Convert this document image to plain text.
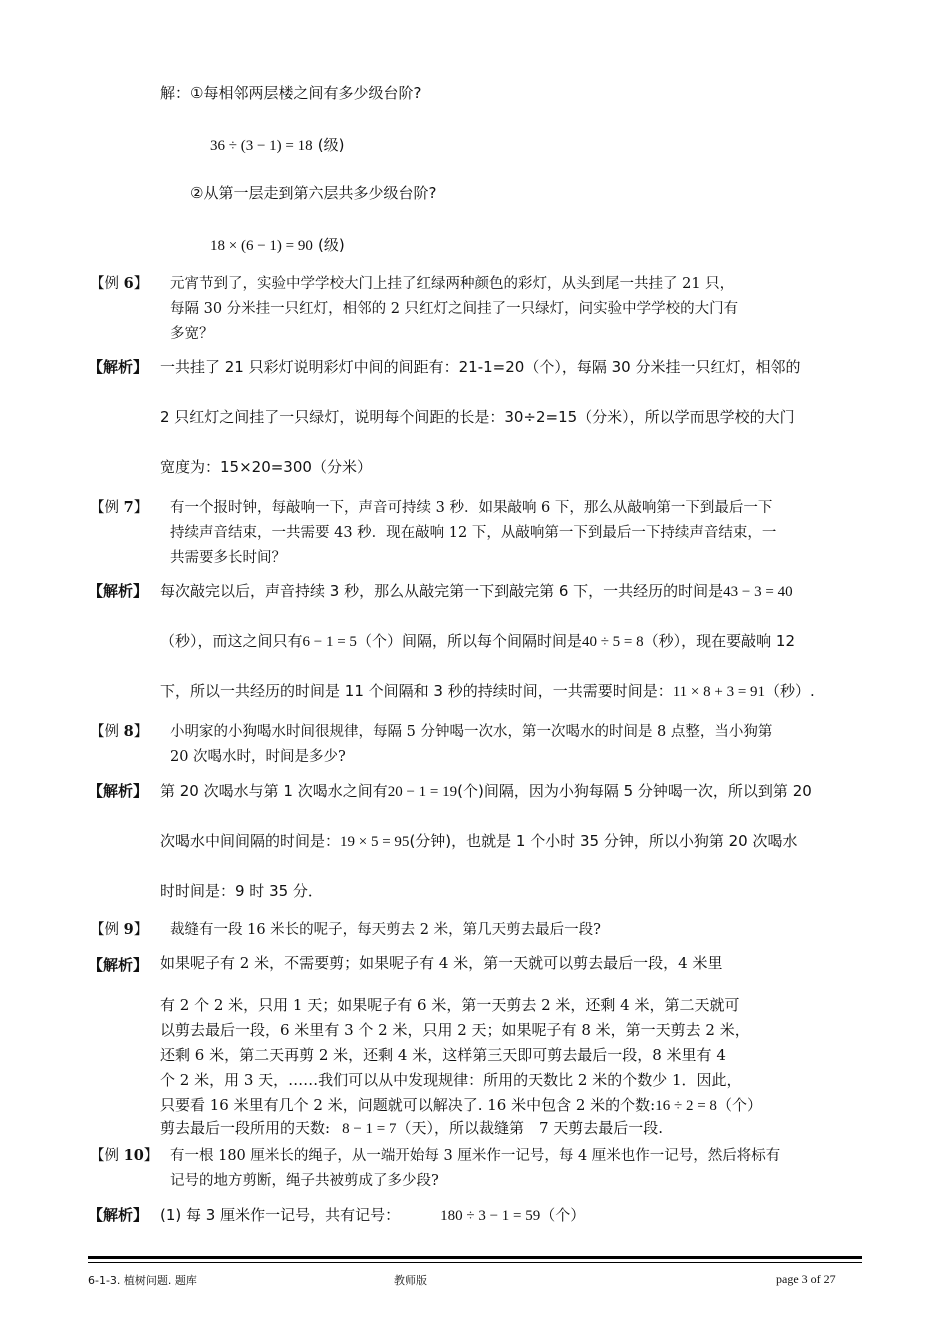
解：①每相邻两层楼之间有多少级台阶?
36 ÷ (3 − 1) = 18 (级)
②从第一层走到第六层共多少级台阶?
18 × (6 − 1) = 90 (级)
【例 6】 元宵节到了，实验中学学校大门上挂了红绿两种颜色的彩灯，从头到尾一共挂了 21 只，
每隔 30 分米挂一只红灯，相邻的 2 只红灯之间挂了一只绿灯，问实验中学学校的大门有
多宽？
【解析】 一共挂了 21 只彩灯说明彩灯中间的间距有：21-1=20（个），每隔 30 分米挂一只红灯，相邻的
2 只红灯之间挂了一只绿灯，说明每个间距的长是：30÷2=15（分米），所以学而思学校的大门
宽度为：15×20=300（分米）
【例 7】 有一个报时钟，每敲响一下，声音可持续 3 秒．如果敲响 6 下，那么从敲响第一下到最后一下
持续声音结束，一共需要 43 秒．现在敲响 12 下，从敲响第一下到最后一下持续声音结束，一
共需要多长时间？
【解析】 每次敲完以后，声音持续 3 秒，那么从敲完第一下到敲完第 6 下，一共经历的时间是43 − 3 = 40
（秒），而这之间只有6 − 1 = 5（个）间隔，所以每个间隔时间是40 ÷ 5 = 8（秒），现在要敲响 12
下，所以一共经历的时间是 11 个间隔和 3 秒的持续时间，一共需要时间是：11 × 8 + 3 = 91（秒）.
【例 8】 小明家的小狗喝水时间很规律，每隔 5 分钟喝一次水，第一次喝水的时间是 8 点整，当小狗第
20 次喝水时，时间是多少?
【解析】 第 20 次喝水与第 1 次喝水之间有20 − 1 = 19(个)间隔，因为小狗每隔 5 分钟喝一次，所以到第 20
次喝水中间间隔的时间是：19 × 5 = 95(分钟)，也就是 1 个小时 35 分钟，所以小狗第 20 次喝水
时时间是：9 时 35 分．
【例 9】 裁缝有一段 16 米长的呢子，每天剪去 2 米，第几天剪去最后一段?
【解析】 如果呢子有 2 米，不需要剪；如果呢子有 4 米，第一天就可以剪去最后一段，4 米里
有 2 个 2 米，只用 1 天；如果呢子有 6 米，第一天剪去 2 米，还剩 4 米，第二天就可
以剪去最后一段，6 米里有 3 个 2 米，只用 2 天；如果呢子有 8 米，第一天剪去 2 米，
还剩 6 米，第二天再剪 2 米，还剩 4 米，这样第三天即可剪去最后一段，8 米里有 4
个 2 米，用 3 天，……我们可以从中发现规律：所用的天数比 2 米的个数少 1．因此，
只要看 16 米里有几个 2 米，问题就可以解决了. 16 米中包含 2 米的个数:16 ÷ 2 = 8（个）
剪去最后一段所用的天数: 8 − 1 = 7（天），所以裁缝第　7 天剪去最后一段.
【例 10】 有一根 180 厘米长的绳子，从一端开始每 3 厘米作一记号，每 4 厘米也作一记号，然后将标有
记号的地方剪断，绳子共被剪成了多少段?
【解析】 (1) 每 3 厘米作一记号，共有记号：	180 ÷ 3 − 1 = 59（个）
6-1-3. 植树问题. 题库	教师版	page 3 of 27
